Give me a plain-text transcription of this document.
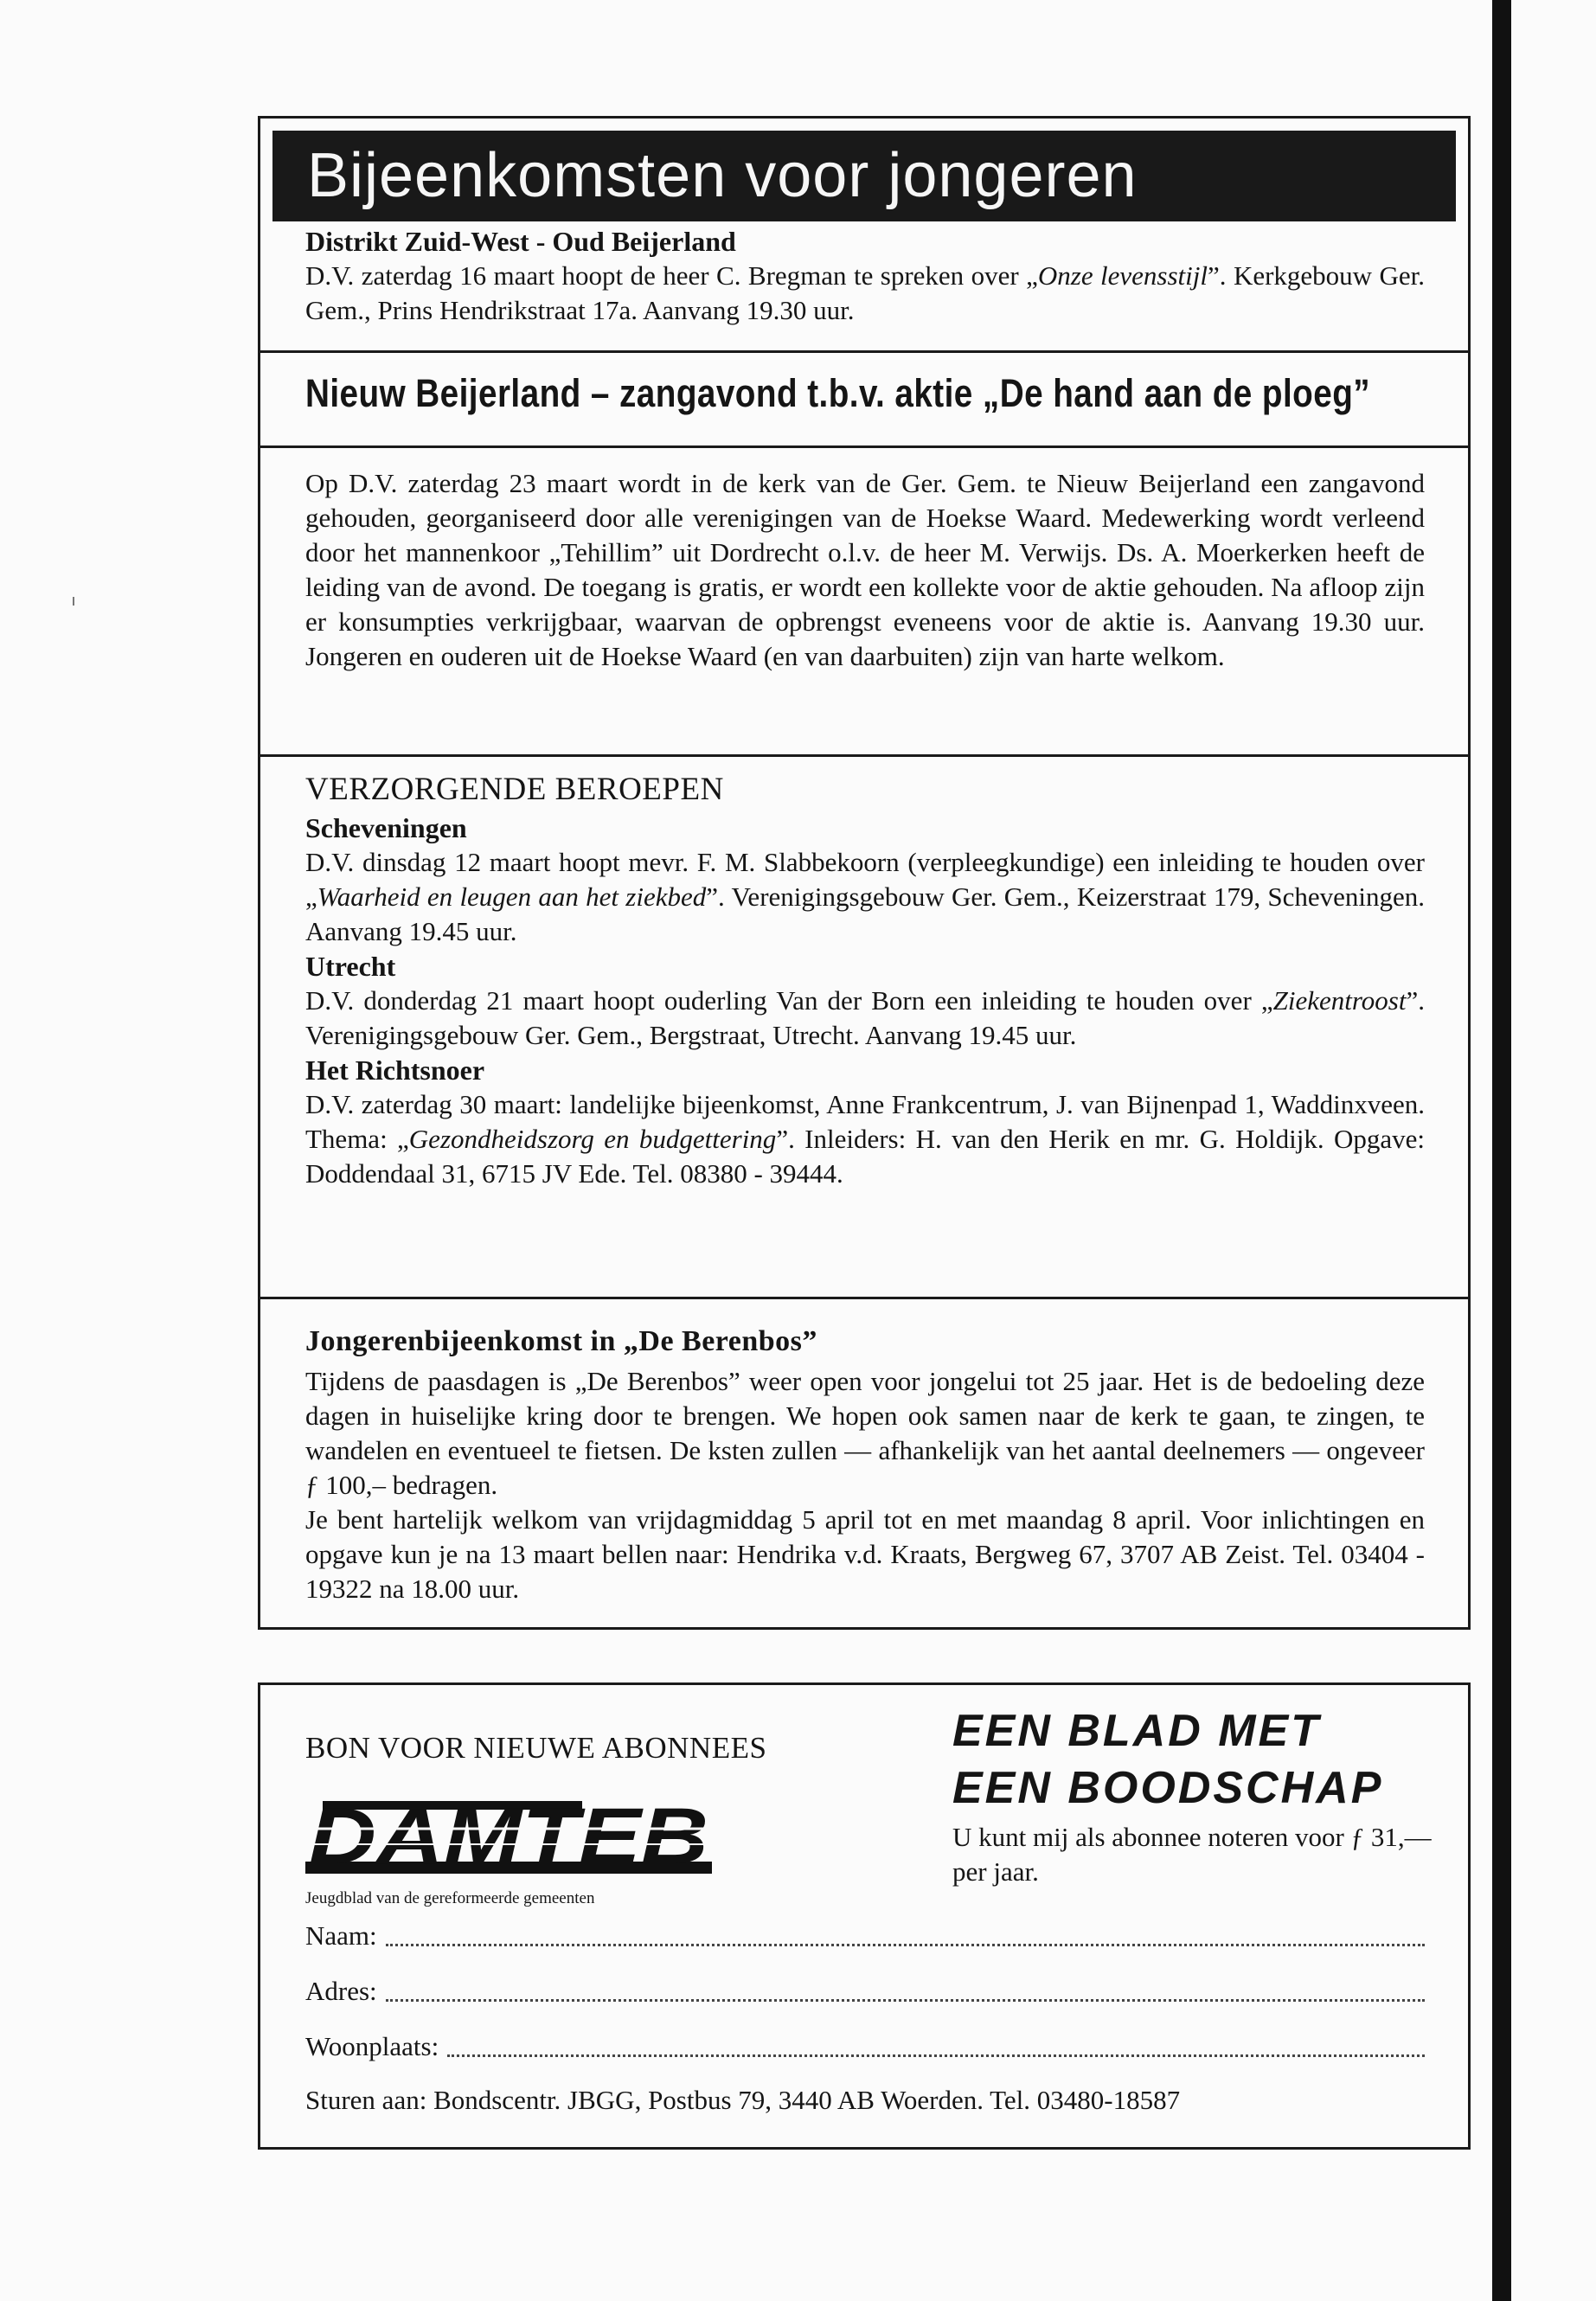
Bijeenkomsten voor jongeren

Distrikt Zuid-West - Oud Beijerland

D.V. zaterdag 16 maart hoopt de heer C. Bregman te spreken over „Onze levensstijl”. Kerkgebouw Ger. Gem., Prins Hendrikstraat 17a. Aanvang 19.30 uur.

Nieuw Beijerland – zangavond t.b.v. aktie „De hand aan de ploeg”

Op D.V. zaterdag 23 maart wordt in de kerk van de Ger. Gem. te Nieuw Beijerland een zangavond gehouden, georganiseerd door alle verenigingen van de Hoekse Waard. Medewerking wordt verleend door het mannenkoor „Tehillim” uit Dordrecht o.l.v. de heer M. Verwijs. Ds. A. Moerkerken heeft de leiding van de avond. De toegang is gratis, er wordt een kollekte voor de aktie gehouden. Na afloop zijn er konsumpties verkrijgbaar, waarvan de opbrengst eveneens voor de aktie is. Aanvang 19.30 uur. Jongeren en ouderen uit de Hoekse Waard (en van daarbuiten) zijn van harte welkom.

VERZORGENDE BEROEPEN

Scheveningen

D.V. dinsdag 12 maart hoopt mevr. F. M. Slabbekoorn (verpleegkundige) een inleiding te houden over „Waarheid en leugen aan het ziekbed”. Verenigingsgebouw Ger. Gem., Keizerstraat 179, Scheveningen. Aanvang 19.45 uur.

Utrecht

D.V. donderdag 21 maart hoopt ouderling Van der Born een inleiding te houden over „Ziekentroost”. Verenigingsgebouw Ger. Gem., Bergstraat, Utrecht. Aanvang 19.45 uur.

Het Richtsnoer

D.V. zaterdag 30 maart: landelijke bijeenkomst, Anne Frankcentrum, J. van Bijnenpad 1, Waddinxveen. Thema: „Gezondheidszorg en budgettering”. Inleiders: H. van den Herik en mr. G. Holdijk. Opgave: Doddendaal 31, 6715 JV Ede. Tel. 08380 - 39444.

Jongerenbijeenkomst in „De Berenbos”

Tijdens de paasdagen is „De Berenbos” weer open voor jongelui tot 25 jaar. Het is de bedoeling deze dagen in huiselijke kring door te brengen. We hopen ook samen naar de kerk te gaan, te zingen, te wandelen en eventueel te fietsen. De ksten zullen — afhankelijk van het aantal deelnemers — ongeveer ƒ 100,– bedragen.

Je bent hartelijk welkom van vrijdagmiddag 5 april tot en met maandag 8 april. Voor inlichtingen en opgave kun je na 13 maart bellen naar: Hendrika v.d. Kraats, Bergweg 67, 3707 AB Zeist. Tel. 03404 - 19322 na 18.00 uur.

BON VOOR NIEUWE ABONNEES

DAMTEB

Jeugdblad van de gereformeerde gemeenten

EEN BLAD MET

EEN BOODSCHAP

U kunt mij als abonnee noteren voor ƒ 31,— per jaar.

Naam:
Adres:
Woonplaats:
Sturen aan: Bondscentr. JBGG, Postbus 79, 3440 AB Woerden. Tel. 03480-18587
